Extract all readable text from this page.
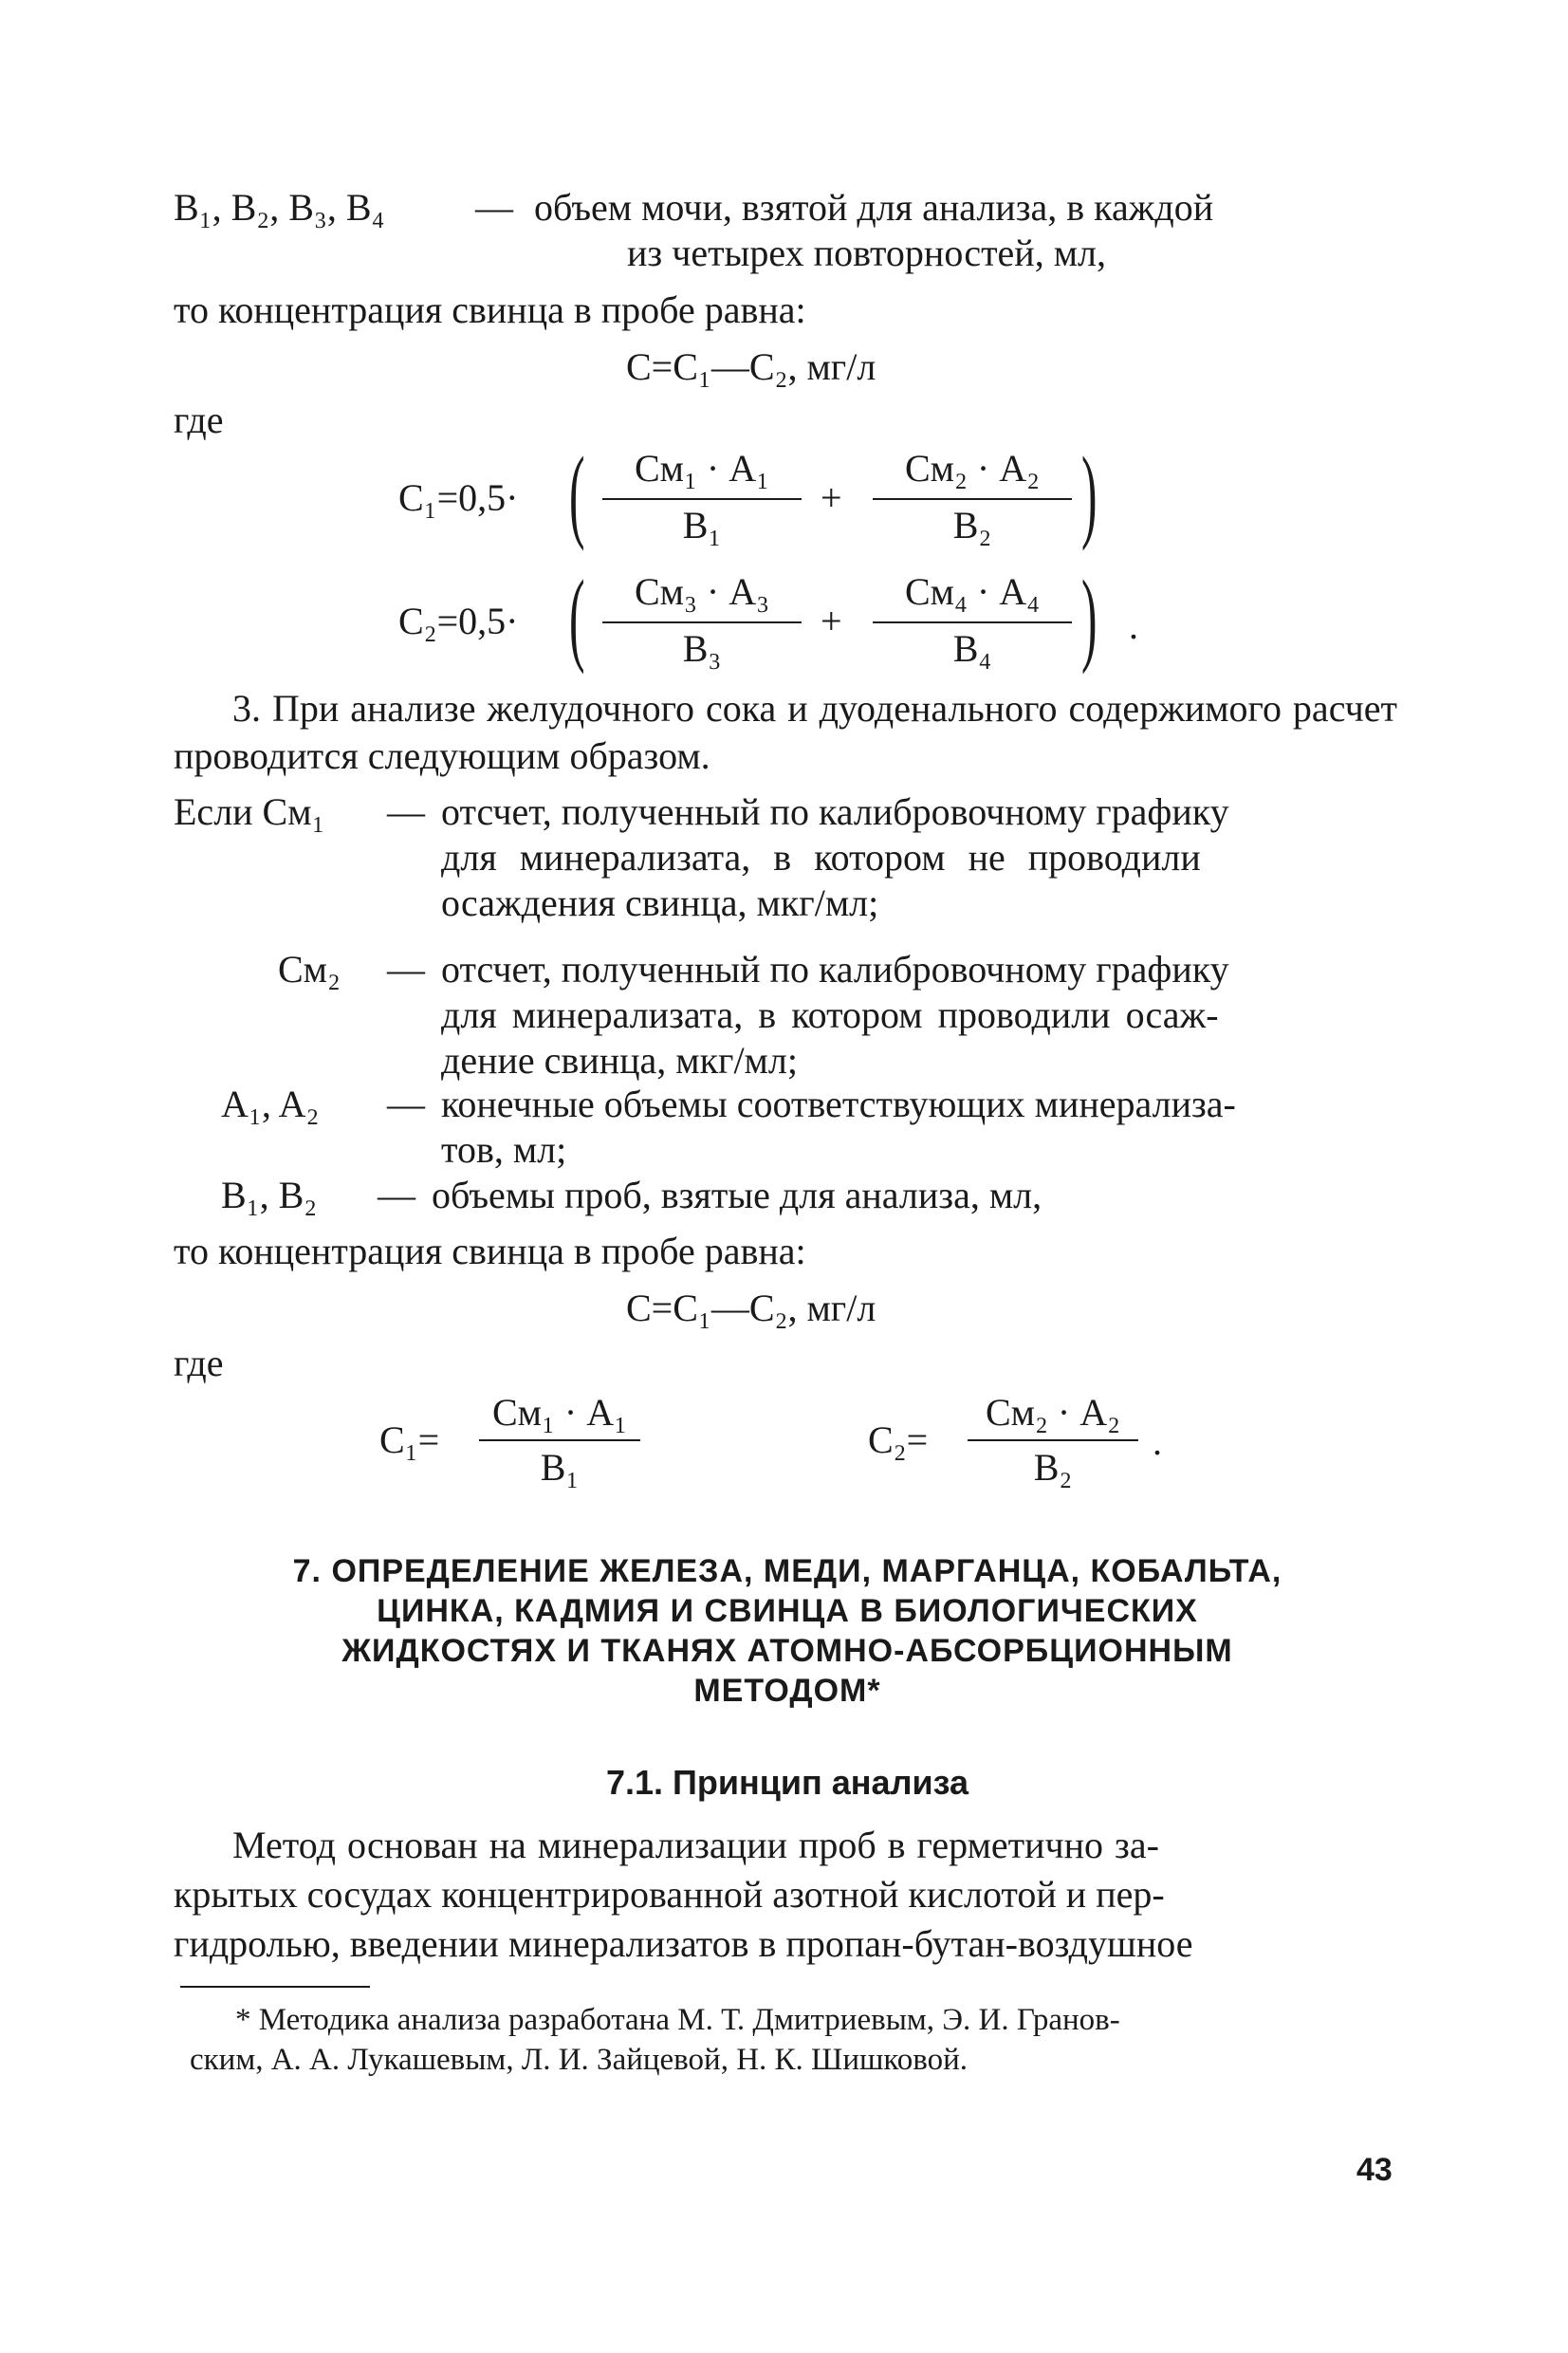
B₁, B₂, B₃, B₄ — объем мочи, взятой для анализа, в каждой
из четырех повторностей, мл,
то концентрация свинца в пробе равна:
С=С₁—С₂, мг/л
где
С₁=0,5· (	Cм₁ · A₁
B₁
+
Cм₂ · A₂
B₂ )
С₂=0,5· (	Cм₃ · A₃
B₃
+
Cм₄ · A₄
B₄ ) .
3. При анализе желудочного сока и дуоденального содержимого расчет проводится следующим образом.
Если Cм₁ — отсчет, полученный по калибровочному графику
для минерализата, в котором не проводили
осаждения свинца, мкг/мл;
Cм₂ — отсчет, полученный по калибровочному графику
для минерализата, в котором проводили осаж-
дение свинца, мкг/мл;
A₁, A₂ — конечные объемы соответствующих минерализа-
тов, мл;
B₁, B₂ — объемы проб, взятые для анализа, мл,
то концентрация свинца в пробе равна:
С=С₁—С₂, мг/л
где
С₁=
Cм₁ · A₁
B₁
С₂=
Cм₂ · A₂
B₂
.
7. ОПРЕДЕЛЕНИЕ ЖЕЛЕЗА, МЕДИ, МАРГАНЦА, КОБАЛЬТА,
ЦИНКА, КАДМИЯ И СВИНЦА В БИОЛОГИЧЕСКИХ
ЖИДКОСТЯХ И ТКАНЯХ АТОМНО-АБСОРБЦИОННЫМ
МЕТОДОМ*
7.1. Принцип анализа
Метод основан на минерализации проб в герметично за-
крытых сосудах концентрированной азотной кислотой и пер-
гидролью, введении минерализатов в пропан-бутан-воздушное
* Методика анализа разработана М. Т. Дмитриевым, Э. И. Гранов-
ским, А. А. Лукашевым, Л. И. Зайцевой, Н. К. Шишковой.
43
